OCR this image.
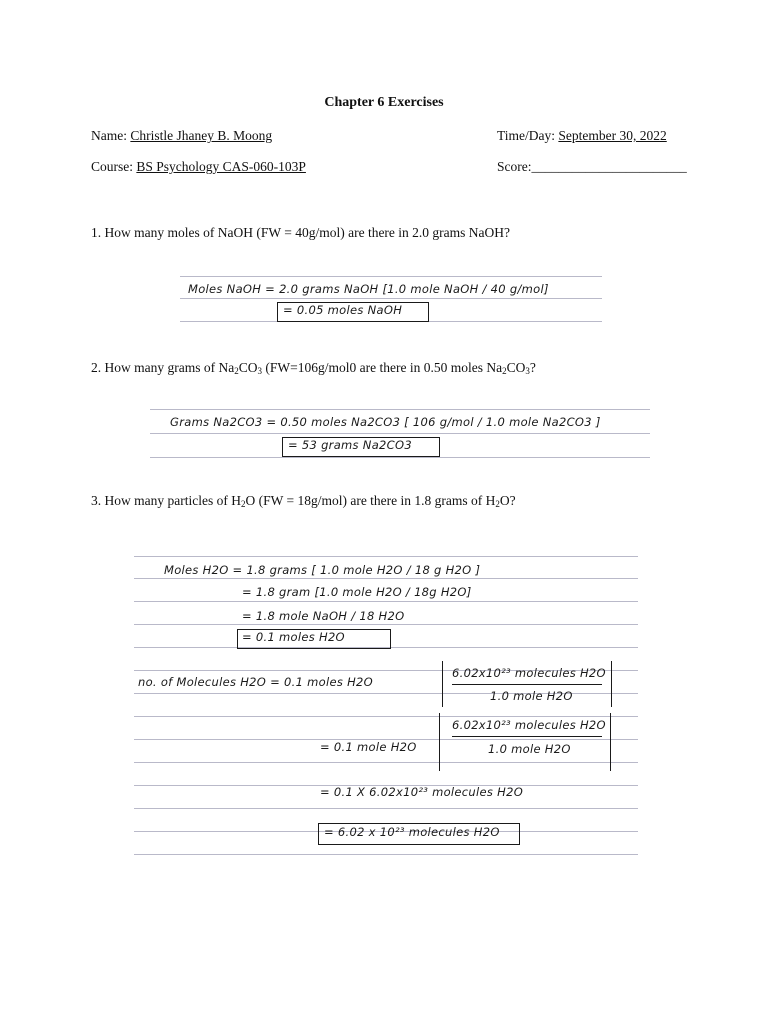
Chapter 6 Exercises
Name: Christle Jhaney B. Moong	Time/Day: September 30, 2022
Course: BS Psychology CAS-060-103P	Score:_______________________
1. How many moles of NaOH (FW = 40g/mol) are there in 2.0 grams NaOH?
Moles NaOH = 2.0 grams NaOH [1.0 mole NaOH / 40 g/mol]
= 0.05 moles NaOH
2. How many grams of $Na_2CO_3$ (FW=106g/mol0 are there in 0.50 moles $Na_2CO_3$?
Grams Na2CO3 = 0.50 moles Na2CO3 [ 106 g/mol / 1.0 mole Na2CO3 ]
= 53 grams Na2CO3
3. How many particles of $H_2O$ (FW = 18g/mol) are there in 1.8 grams of $H_2O$?
Moles H2O = 1.8 grams [ 1.0 mole H2O / 18 g H2O ]
= 1.8 gram [1.0 mole H2O / 18g H2O]
= 1.8 mole NaOH / 18 H2O
= 0.1 moles H2O
no. of Molecules H2O = 0.1 moles H2O
6.02x10²³ molecules H2O
1.0 mole H2O
= 0.1 mole H2O
6.02x10²³ molecules H2O
1.0 mole H2O
= 0.1 X 6.02x10²³ molecules H2O
= 6.02 x 10²³ molecules H2O
